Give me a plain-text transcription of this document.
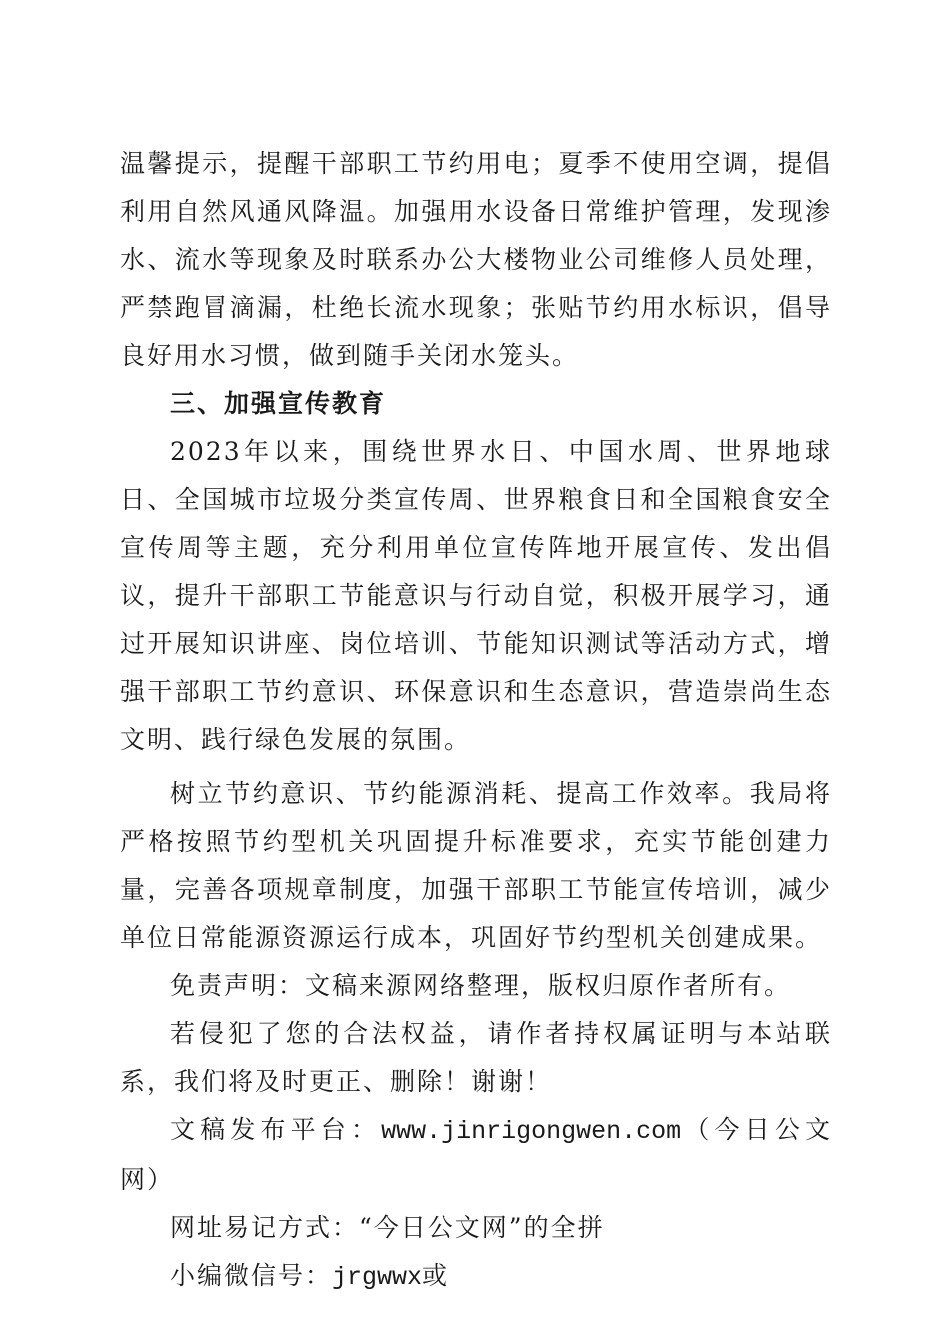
温馨提示，提醒干部职工节约用电；夏季不使用空调，提倡利用自然风通风降温。加强用水设备日常维护管理，发现渗水、流水等现象及时联系办公大楼物业公司维修人员处理，严禁跑冒滴漏，杜绝长流水现象；张贴节约用水标识，倡导良好用水习惯，做到随手关闭水笼头。

三、加强宣传教育

2023年以来，围绕世界水日、中国水周、世界地球日、全国城市垃圾分类宣传周、世界粮食日和全国粮食安全宣传周等主题，充分利用单位宣传阵地开展宣传、发出倡议，提升干部职工节能意识与行动自觉，积极开展学习，通过开展知识讲座、岗位培训、节能知识测试等活动方式，增强干部职工节约意识、环保意识和生态意识，营造崇尚生态文明、践行绿色发展的氛围。

树立节约意识、节约能源消耗、提高工作效率。我局将严格按照节约型机关巩固提升标准要求，充实节能创建力量，完善各项规章制度，加强干部职工节能宣传培训，减少单位日常能源资源运行成本，巩固好节约型机关创建成果。

免责声明：文稿来源网络整理，版权归原作者所有。

若侵犯了您的合法权益，请作者持权属证明与本站联系，我们将及时更正、删除！谢谢！

文稿发布平台：www.jinrigongwen.com（今日公文网）

网址易记方式：“今日公文网”的全拼

小编微信号：jrgwwx或
